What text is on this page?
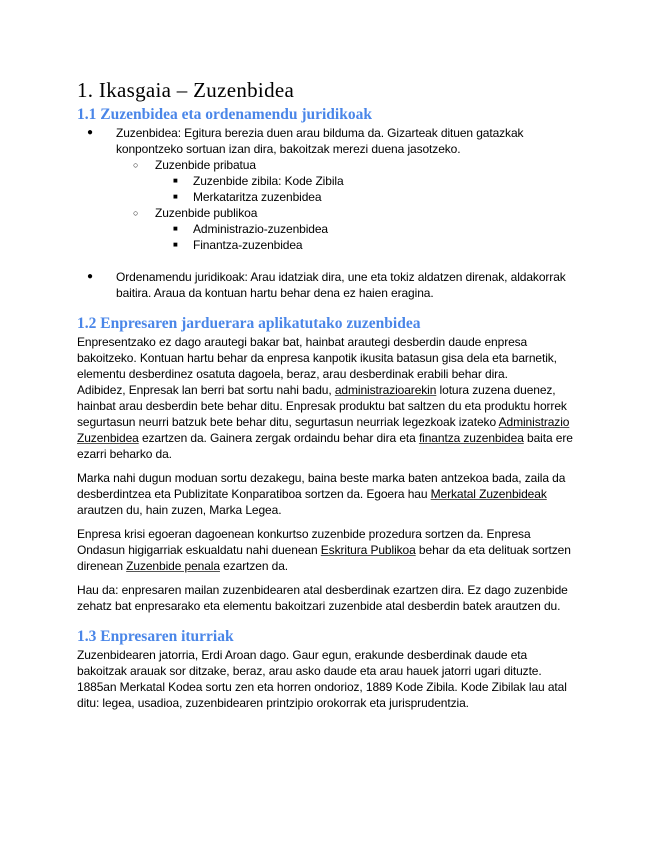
1. Ikasgaia – Zuzenbidea
1.1 Zuzenbidea eta ordenamendu juridikoak
● Zuzenbidea: Egitura berezia duen arau bilduma da. Gizarteak dituen gatazkak
konpontzeko sortuan izan dira, bakoitzak merezi duena jasotzeko.
○ Zuzenbide pribatua
■ Zuzenbide zibila: Kode Zibila
■ Merkataritza zuzenbidea
○ Zuzenbide publikoa
■ Administrazio-zuzenbidea
■ Finantza-zuzenbidea
● Ordenamendu juridikoak: Arau idatziak dira, une eta tokiz aldatzen direnak, aldakorrak
baitira. Araua da kontuan hartu behar dena ez haien eragina.
1.2 Enpresaren jarduerara aplikatutako zuzenbidea
Enpresentzako ez dago arautegi bakar bat, hainbat arautegi desberdin daude enpresa
bakoitzeko. Kontuan hartu behar da enpresa kanpotik ikusita batasun gisa dela eta barnetik,
elementu desberdinez osatuta dagoela, beraz, arau desberdinak erabili behar dira.
Adibidez, Enpresak lan berri bat sortu nahi badu, administrazioarekin lotura zuzena duenez,
hainbat arau desberdin bete behar ditu. Enpresak produktu bat saltzen du eta produktu horrek
segurtasun neurri batzuk bete behar ditu, segurtasun neurriak legezkoak izateko Administrazio
Zuzenbidea ezartzen da. Gainera zergak ordaindu behar dira eta finantza zuzenbidea baita ere
ezarri beharko da.
Marka nahi dugun moduan sortu dezakegu, baina beste marka baten antzekoa bada, zaila da
desberdintzea eta Publizitate Konparatiboa sortzen da. Egoera hau Merkatal Zuzenbideak
arautzen du, hain zuzen, Marka Legea.
Enpresa krisi egoeran dagoenean konkurtso zuzenbide prozedura sortzen da. Enpresa
Ondasun higigarriak eskualdatu nahi duenean Eskritura Publikoa behar da eta delituak sortzen
direnean Zuzenbide penala ezartzen da.
Hau da: enpresaren mailan zuzenbidearen atal desberdinak ezartzen dira. Ez dago zuzenbide
zehatz bat enpresarako eta elementu bakoitzari zuzenbide atal desberdin batek arautzen du.
1.3 Enpresaren iturriak
Zuzenbidearen jatorria, Erdi Aroan dago. Gaur egun, erakunde desberdinak daude eta
bakoitzak arauak sor ditzake, beraz, arau asko daude eta arau hauek jatorri ugari dituzte.
1885an Merkatal Kodea sortu zen eta horren ondorioz, 1889 Kode Zibila. Kode Zibilak lau atal
ditu: legea, usadioa, zuzenbidearen printzipio orokorrak eta jurisprudentzia.
